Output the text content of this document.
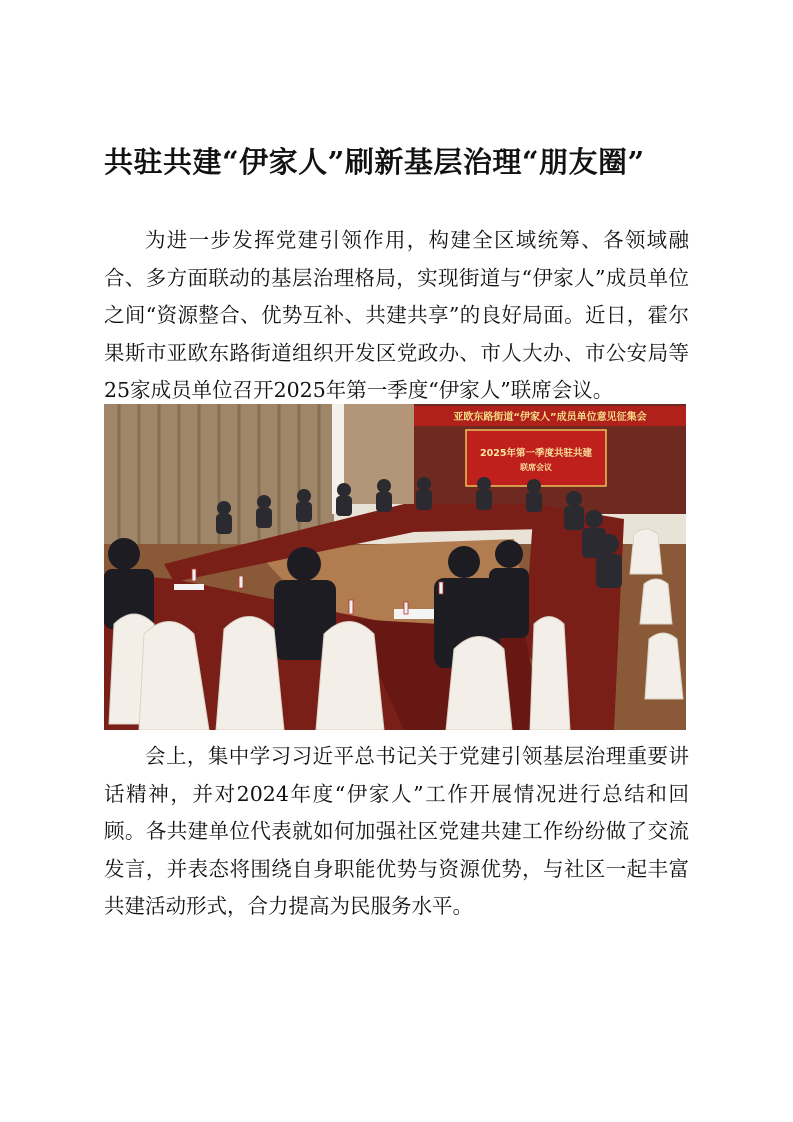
共驻共建“伊家人”刷新基层治理“朋友圈”

为进一步发挥党建引领作用，构建全区域统筹、各领域融合、多方面联动的基层治理格局，实现街道与“伊家人”成员单位之间“资源整合、优势互补、共建共享”的良好局面。近日，霍尔果斯市亚欧东路街道组织开发区党政办、市人大办、市公安局等25家成员单位召开2025年第一季度“伊家人”联席会议。

亚欧东路街道“伊家人”成员单位意见征集会
2025年第一季度共驻共建
联席会议

会上，集中学习习近平总书记关于党建引领基层治理重要讲话精神，并对2024年度“伊家人”工作开展情况进行总结和回顾。各共建单位代表就如何加强社区党建共建工作纷纷做了交流发言，并表态将围绕自身职能优势与资源优势，与社区一起丰富共建活动形式，合力提高为民服务水平。
